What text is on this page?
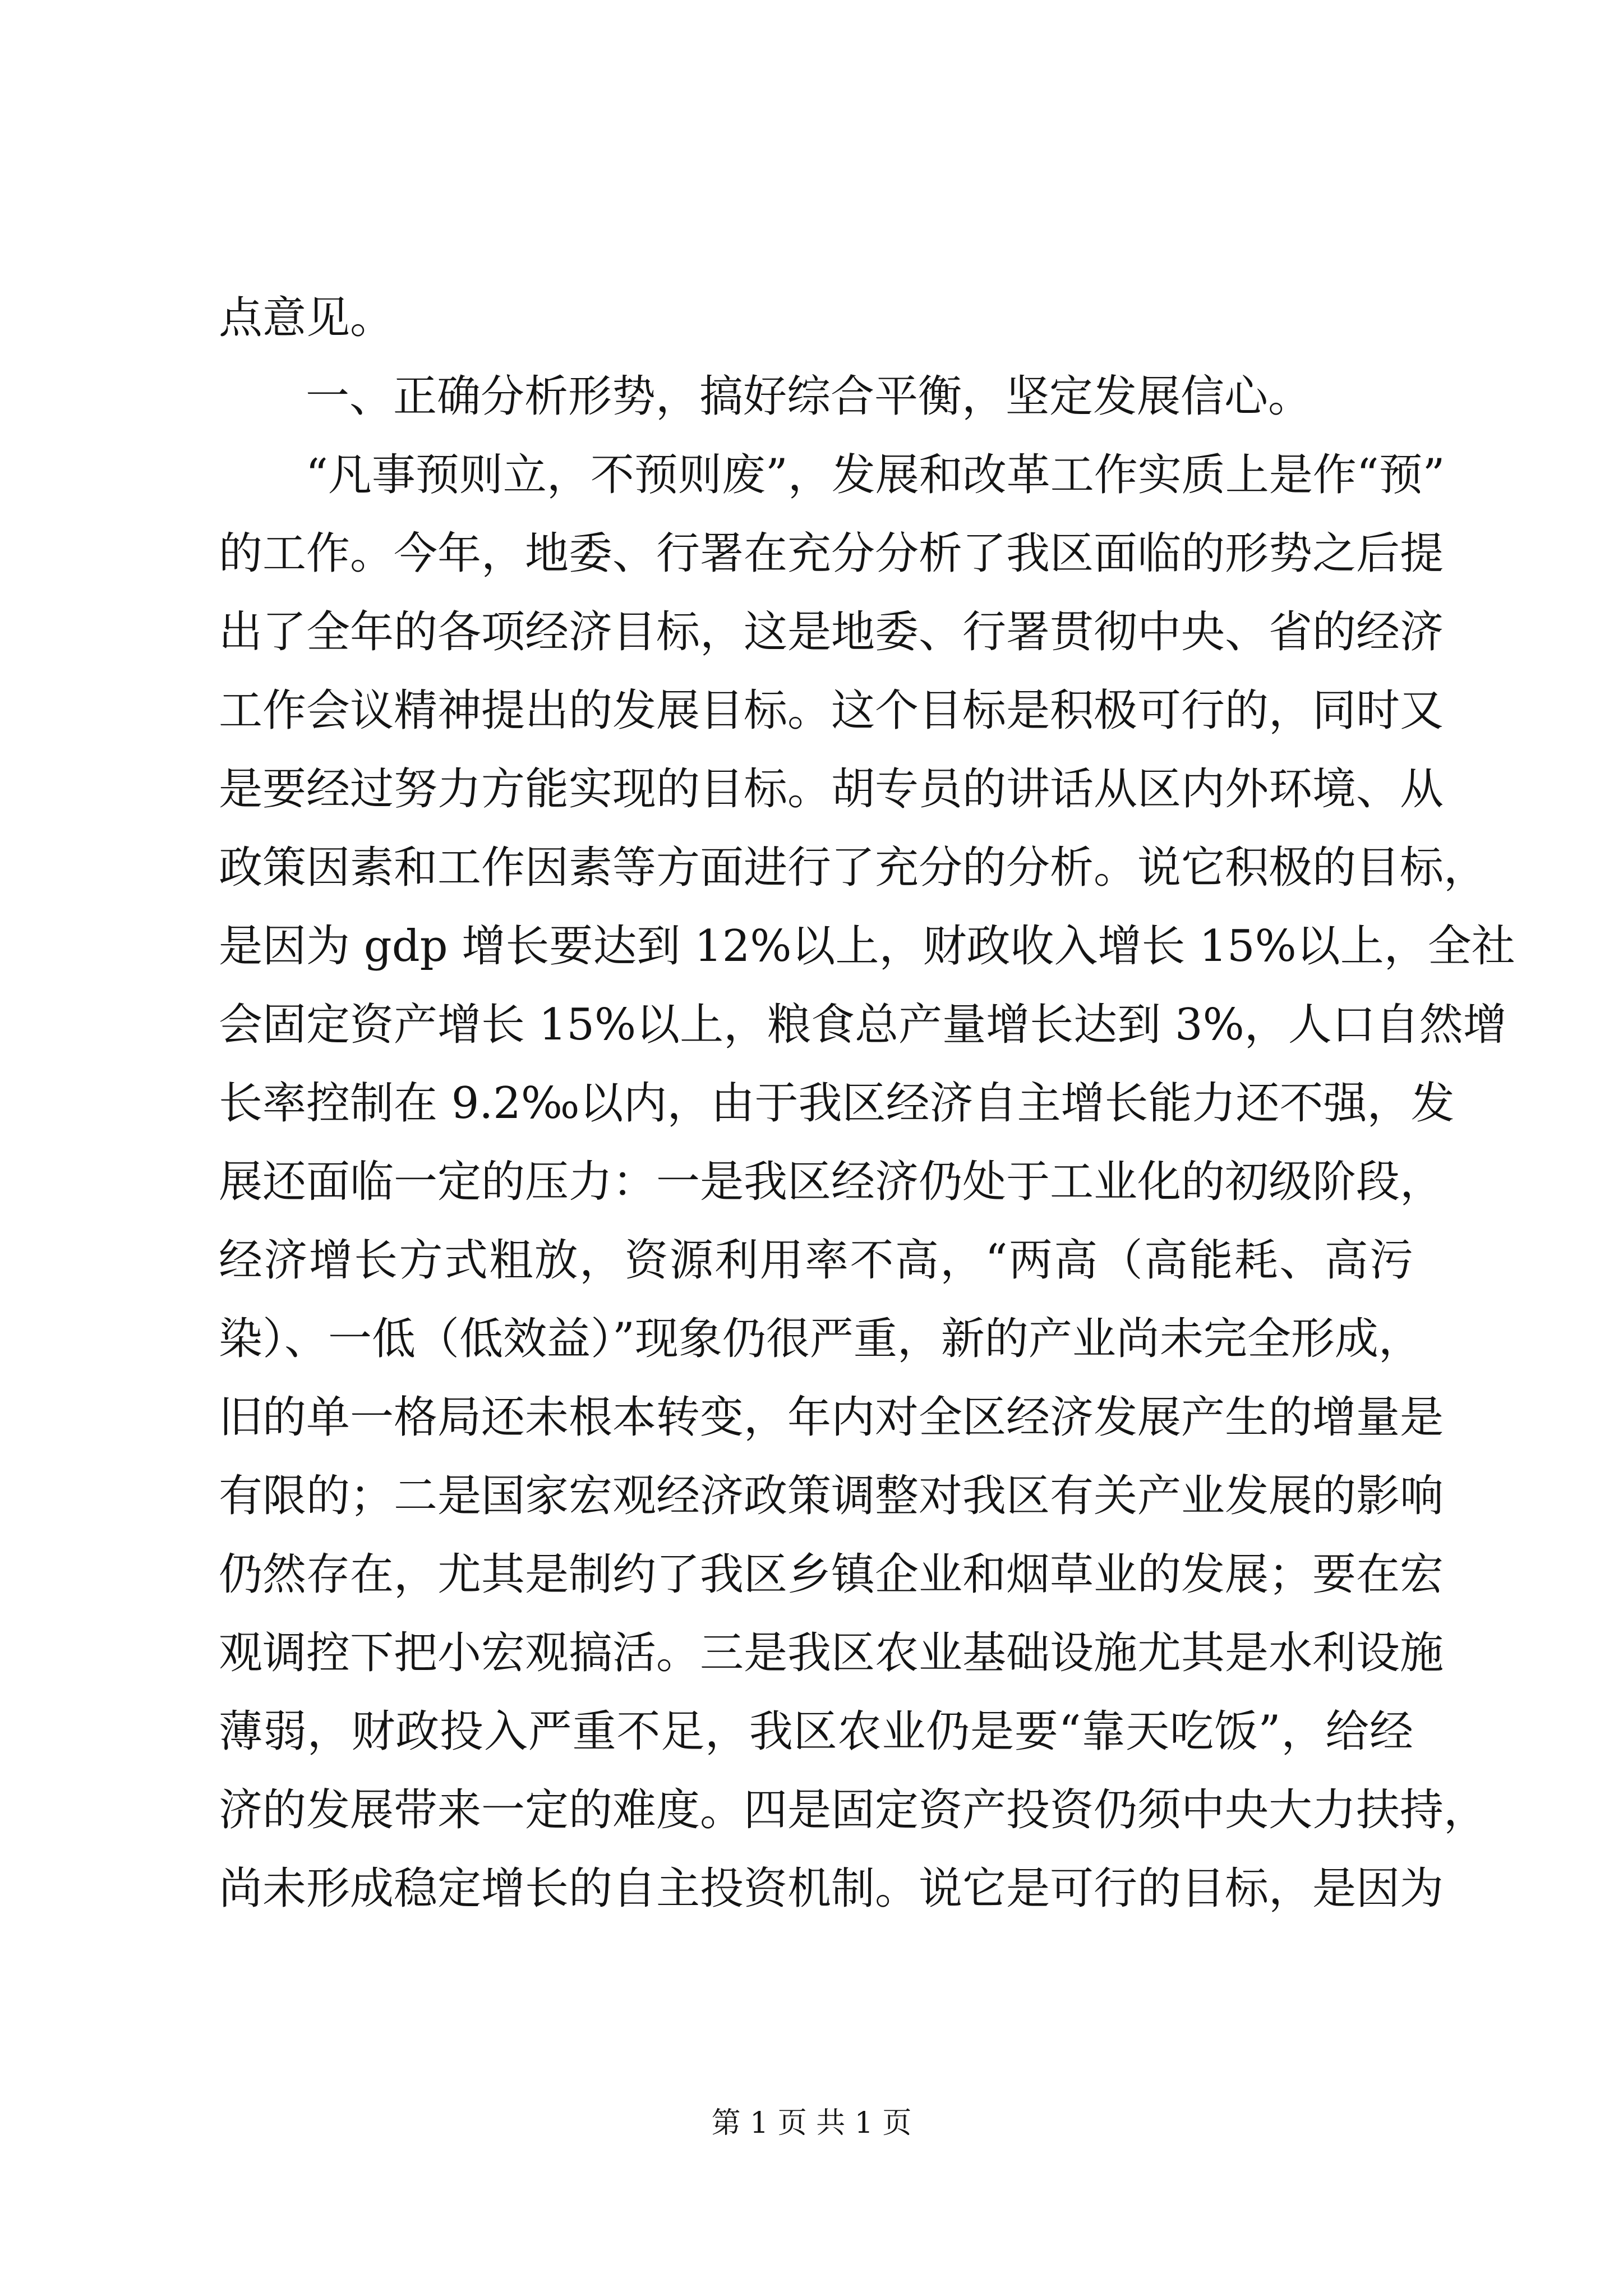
点意见。
一、正确分析形势，搞好综合平衡，坚定发展信心。
“凡事预则立，不预则废”，发展和改革工作实质上是作“预”
的工作。今年，地委、行署在充分分析了我区面临的形势之后提
出了全年的各项经济目标，这是地委、行署贯彻中央、省的经济
工作会议精神提出的发展目标。这个目标是积极可行的，同时又
是要经过努力方能实现的目标。胡专员的讲话从区内外环境、从
政策因素和工作因素等方面进行了充分的分析。说它积极的目标，
是因为 gdp 增长要达到 12%以上，财政收入增长 15%以上，全社
会固定资产增长 15%以上，粮食总产量增长达到 3%，人口自然增
长率控制在 9.2‰以内，由于我区经济自主增长能力还不强，发
展还面临一定的压力：一是我区经济仍处于工业化的初级阶段，
经济增长方式粗放，资源利用率不高，“两高（高能耗、高污
染）、一低（低效益）”现象仍很严重，新的产业尚未完全形成，
旧的单一格局还未根本转变，年内对全区经济发展产生的增量是
有限的；二是国家宏观经济政策调整对我区有关产业发展的影响
仍然存在，尤其是制约了我区乡镇企业和烟草业的发展；要在宏
观调控下把小宏观搞活。三是我区农业基础设施尤其是水利设施
薄弱，财政投入严重不足，我区农业仍是要“靠天吃饭”，给经
济的发展带来一定的难度。四是固定资产投资仍须中央大力扶持，
尚未形成稳定增长的自主投资机制。说它是可行的目标，是因为
第 1 页 共 1 页
